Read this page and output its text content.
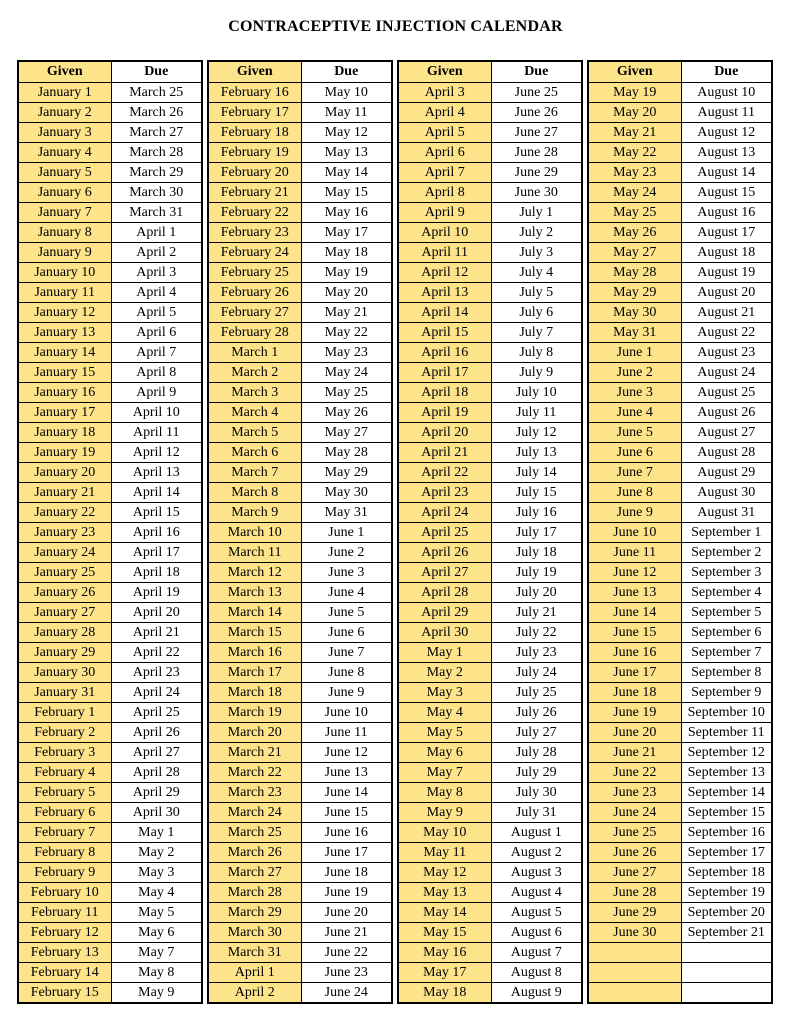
CONTRACEPTIVE INJECTION CALENDAR
Given	Due
January 1	March 25
January 2	March 26
January 3	March 27
January 4	March 28
January 5	March 29
January 6	March 30
January 7	March 31
January 8	April 1
January 9	April 2
January 10	April 3
January 11	April 4
January 12	April 5
January 13	April 6
January 14	April 7
January 15	April 8
January 16	April 9
January 17	April 10
January 18	April 11
January 19	April 12
January 20	April 13
January 21	April 14
January 22	April 15
January 23	April 16
January 24	April 17
January 25	April 18
January 26	April 19
January 27	April 20
January 28	April 21
January 29	April 22
January 30	April 23
January 31	April 24
February 1	April 25
February 2	April 26
February 3	April 27
February 4	April 28
February 5	April 29
February 6	April 30
February 7	May 1
February 8	May 2
February 9	May 3
February 10	May 4
February 11	May 5
February 12	May 6
February 13	May 7
February 14	May 8
February 15	May 9
Given	Due
February 16	May 10
February 17	May 11
February 18	May 12
February 19	May 13
February 20	May 14
February 21	May 15
February 22	May 16
February 23	May 17
February 24	May 18
February 25	May 19
February 26	May 20
February 27	May 21
February 28	May 22
March 1	May 23
March 2	May 24
March 3	May 25
March 4	May 26
March 5	May 27
March 6	May 28
March 7	May 29
March 8	May 30
March 9	May 31
March 10	June 1
March 11	June 2
March 12	June 3
March 13	June 4
March 14	June 5
March 15	June 6
March 16	June 7
March 17	June 8
March 18	June 9
March 19	June 10
March 20	June 11
March 21	June 12
March 22	June 13
March 23	June 14
March 24	June 15
March 25	June 16
March 26	June 17
March 27	June 18
March 28	June 19
March 29	June 20
March 30	June 21
March 31	June 22
April 1	June 23
April 2	June 24
Given	Due
April 3	June 25
April 4	June 26
April 5	June 27
April 6	June 28
April 7	June 29
April 8	June 30
April 9	July 1
April 10	July 2
April 11	July 3
April 12	July 4
April 13	July 5
April 14	July 6
April 15	July 7
April 16	July 8
April 17	July 9
April 18	July 10
April 19	July 11
April 20	July 12
April 21	July 13
April 22	July 14
April 23	July 15
April 24	July 16
April 25	July 17
April 26	July 18
April 27	July 19
April 28	July 20
April 29	July 21
April 30	July 22
May 1	July 23
May 2	July 24
May 3	July 25
May 4	July 26
May 5	July 27
May 6	July 28
May 7	July 29
May 8	July 30
May 9	July 31
May 10	August 1
May 11	August 2
May 12	August 3
May 13	August 4
May 14	August 5
May 15	August 6
May 16	August 7
May 17	August 8
May 18	August 9
Given	Due
May 19	August 10
May 20	August 11
May 21	August 12
May 22	August 13
May 23	August 14
May 24	August 15
May 25	August 16
May 26	August 17
May 27	August 18
May 28	August 19
May 29	August 20
May 30	August 21
May 31	August 22
June 1	August 23
June 2	August 24
June 3	August 25
June 4	August 26
June 5	August 27
June 6	August 28
June 7	August 29
June 8	August 30
June 9	August 31
June 10	September 1
June 11	September 2
June 12	September 3
June 13	September 4
June 14	September 5
June 15	September 6
June 16	September 7
June 17	September 8
June 18	September 9
June 19	September 10
June 20	September 11
June 21	September 12
June 22	September 13
June 23	September 14
June 24	September 15
June 25	September 16
June 26	September 17
June 27	September 18
June 28	September 19
June 29	September 20
June 30	September 21
